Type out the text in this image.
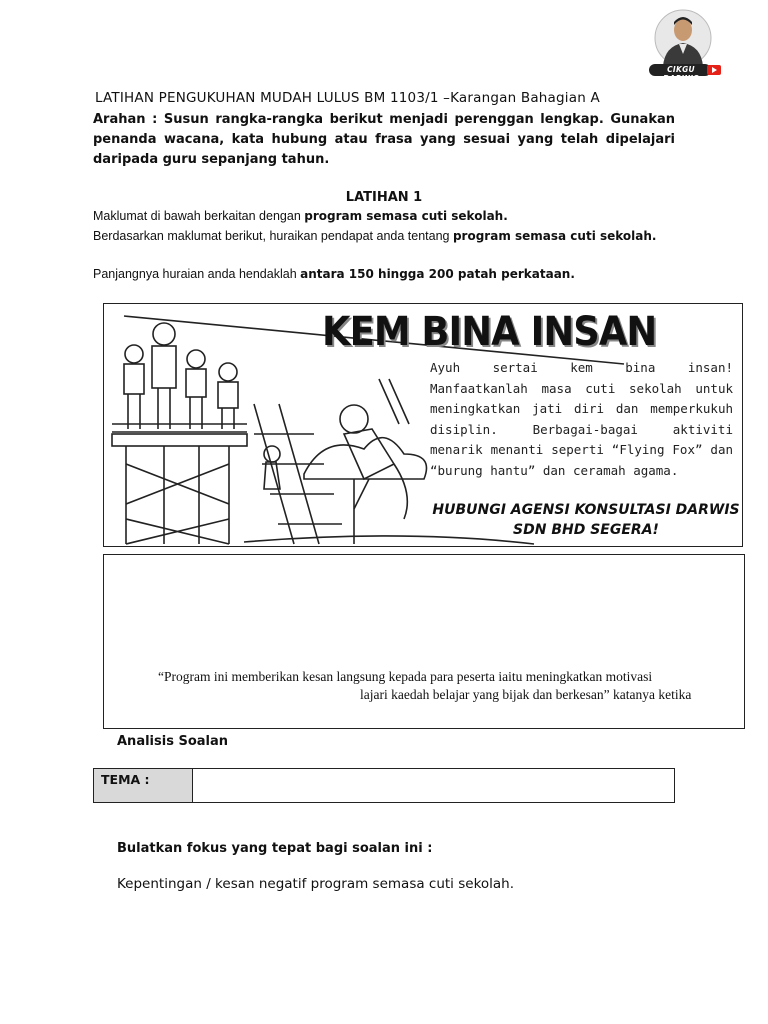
CIKGU DARWIS
LATIHAN PENGUKUHAN MUDAH LULUS BM 1103/1 –Karangan Bahagian A
Arahan : Susun rangka-rangka berikut menjadi perenggan lengkap. Gunakan penanda wacana, kata hubung atau frasa yang sesuai yang telah dipelajari daripada guru sepanjang tahun.
LATIHAN 1
Maklumat di bawah berkaitan dengan program semasa cuti sekolah.
Berdasarkan maklumat berikut, huraikan pendapat anda tentang program semasa cuti sekolah.
Panjangnya huraian anda hendaklah antara 150 hingga 200 patah perkataan.
KEM BINA INSAN
Ayuh sertai kem bina insan! Manfaatkanlah masa cuti sekolah untuk meningkatkan jati diri dan memperkukuh disiplin. Berbagai-bagai aktiviti menarik menanti seperti “Flying Fox” dan “burung hantu” dan ceramah agama.
HUBUNGI AGENSI KONSULTASI DARWIS SDN BHD SEGERA!
“Program ini memberikan kesan langsung kepada para peserta iaitu meningkatkan motivasi
lajari kaedah belajar yang bijak dan berkesan” katanya ketika
Analisis Soalan
TEMA :
Bulatkan fokus yang tepat bagi soalan ini :
Kepentingan / kesan negatif program semasa cuti sekolah.
